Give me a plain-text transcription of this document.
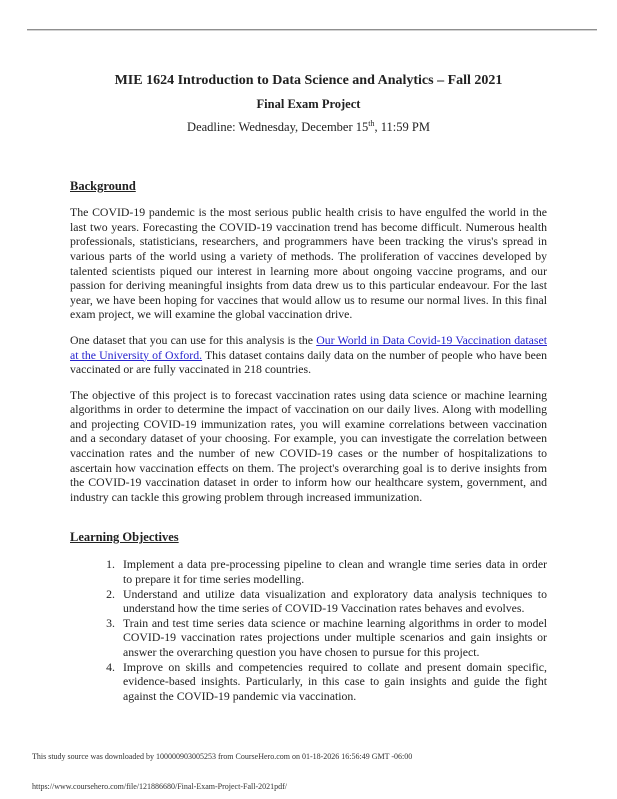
MIE 1624 Introduction to Data Science and Analytics – Fall 2021
Final Exam Project
Deadline: Wednesday, December 15th, 11:59 PM
Background

The COVID-19 pandemic is the most serious public health crisis to have engulfed the world in the last two years. Forecasting the COVID-19 vaccination trend has become difficult. Numerous health professionals, statisticians, researchers, and programmers have been tracking the virus's spread in various parts of the world using a variety of methods. The proliferation of vaccines developed by talented scientists piqued our interest in learning more about ongoing vaccine programs, and our passion for deriving meaningful insights from data drew us to this particular endeavour. For the last year, we have been hoping for vaccines that would allow us to resume our normal lives. In this final exam project, we will examine the global vaccination drive.

One dataset that you can use for this analysis is the Our World in Data Covid-19 Vaccination dataset at the University of Oxford. This dataset contains daily data on the number of people who have been vaccinated or are fully vaccinated in 218 countries.

The objective of this project is to forecast vaccination rates using data science or machine learning algorithms in order to determine the impact of vaccination on our daily lives. Along with modelling and projecting COVID-19 immunization rates, you will examine correlations between vaccination and a secondary dataset of your choosing. For example, you can investigate the correlation between vaccination rates and the number of new COVID-19 cases or the number of hospitalizations to ascertain how vaccination effects on them. The project's overarching goal is to derive insights from the COVID-19 vaccination dataset in order to inform how our healthcare system, government, and industry can tackle this growing problem through increased immunization.

Learning Objectives
1. Implement a data pre-processing pipeline to clean and wrangle time series data in order to prepare it for time series modelling.
2. Understand and utilize data visualization and exploratory data analysis techniques to understand how the time series of COVID-19 Vaccination rates behaves and evolves.
3. Train and test time series data science or machine learning algorithms in order to model COVID-19 vaccination rates projections under multiple scenarios and gain insights or answer the overarching question you have chosen to pursue for this project.
4. Improve on skills and competencies required to collate and present domain specific, evidence-based insights. Particularly, in this case to gain insights and guide the fight against the COVID-19 pandemic via vaccination.
This study source was downloaded by 100000903005253 from CourseHero.com on 01-18-2026 16:56:49 GMT -06:00
https://www.coursehero.com/file/121886680/Final-Exam-Project-Fall-2021pdf/
